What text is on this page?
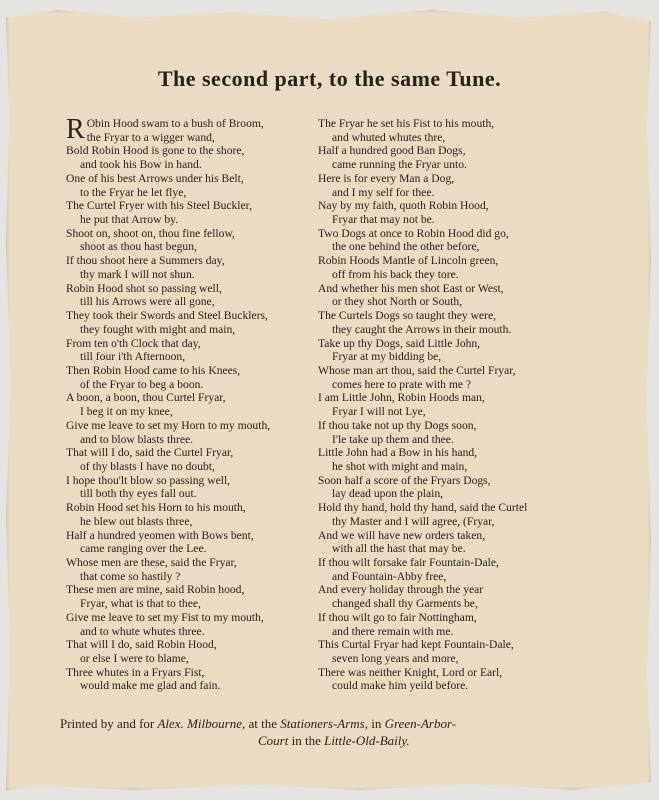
The second part, to the same Tune.
R Obin Hood swam to a bush of Broom,
the Fryar to a wigger wand,
Bold Robin Hood is gone to the shore,
and took his Bow in hand.
One of his best Arrows under his Belt,
to the Fryar he let flye,
The Curtel Fryer with his Steel Buckler,
he put that Arrow by.
Shoot on, shoot on, thou fine fellow,
shoot as thou hast begun,
If thou shoot here a Summers day,
thy mark I will not shun.
Robin Hood shot so passing well,
till his Arrows were all gone,
They took their Swords and Steel Bucklers,
they fought with might and main,
From ten o'th Clock that day,
till four i'th Afternoon,
Then Robin Hood came to his Knees,
of the Fryar to beg a boon.
A boon, a boon, thou Curtel Fryar,
I beg it on my knee,
Give me leave to set my Horn to my mouth,
and to blow blasts three.
That will I do, said the Curtel Fryar,
of thy blasts I have no doubt,
I hope thou'lt blow so passing well,
till both thy eyes fall out.
Robin Hood set his Horn to his mouth,
he blew out blasts three,
Half a hundred yeomen with Bows bent,
came ranging over the Lee.
Whose men are these, said the Fryar,
that come so hastily ?
These men are mine, said Robin hood,
Fryar, what is that to thee,
Give me leave to set my Fist to my mouth,
and to whute whutes three.
That will I do, said Robin Hood,
or else I were to blame,
Three whutes in a Fryars Fist,
would make me glad and fain.
The Fryar he set his Fist to his mouth,
and whuted whutes thre,
Half a hundred good Ban Dogs,
came running the Fryar unto.
Here is for every Man a Dog,
and I my self for thee.
Nay by my faith, quoth Robin Hood,
Fryar that may not be.
Two Dogs at once to Robin Hood did go,
the one behind the other before,
Robin Hoods Mantle of Lincoln green,
off from his back they tore.
And whether his men shot East or West,
or they shot North or South,
The Curtels Dogs so taught they were,
they caught the Arrows in their mouth.
Take up thy Dogs, said Little John,
Fryar at my bidding be,
Whose man art thou, said the Curtel Fryar,
comes here to prate with me ?
I am Little John, Robin Hoods man,
Fryar I will not Lye,
If thou take not up thy Dogs soon,
I'le take up them and thee.
Little John had a Bow in his hand,
he shot with might and main,
Soon half a score of the Fryars Dogs,
lay dead upon the plain,
Hold thy hand, hold thy hand, said the Curtel
thy Master and I will agree, (Fryar,
And we will have new orders taken,
with all the hast that may be.
If thou wilt forsake fair Fountain-Dale,
and Fountain-Abby free,
And every holiday through the year
changed shall thy Garments be,
If thou wilt go to fair Nottingham,
and there remain with me.
This Curtal Fryar had kept Fountain-Dale,
seven long years and more,
There was neither Knight, Lord or Earl,
could make him yeild before.
Printed by and for Alex. Milbourne, at the Stationers-Arms, in Green-Arbor-
Court in the Little-Old-Baily.
